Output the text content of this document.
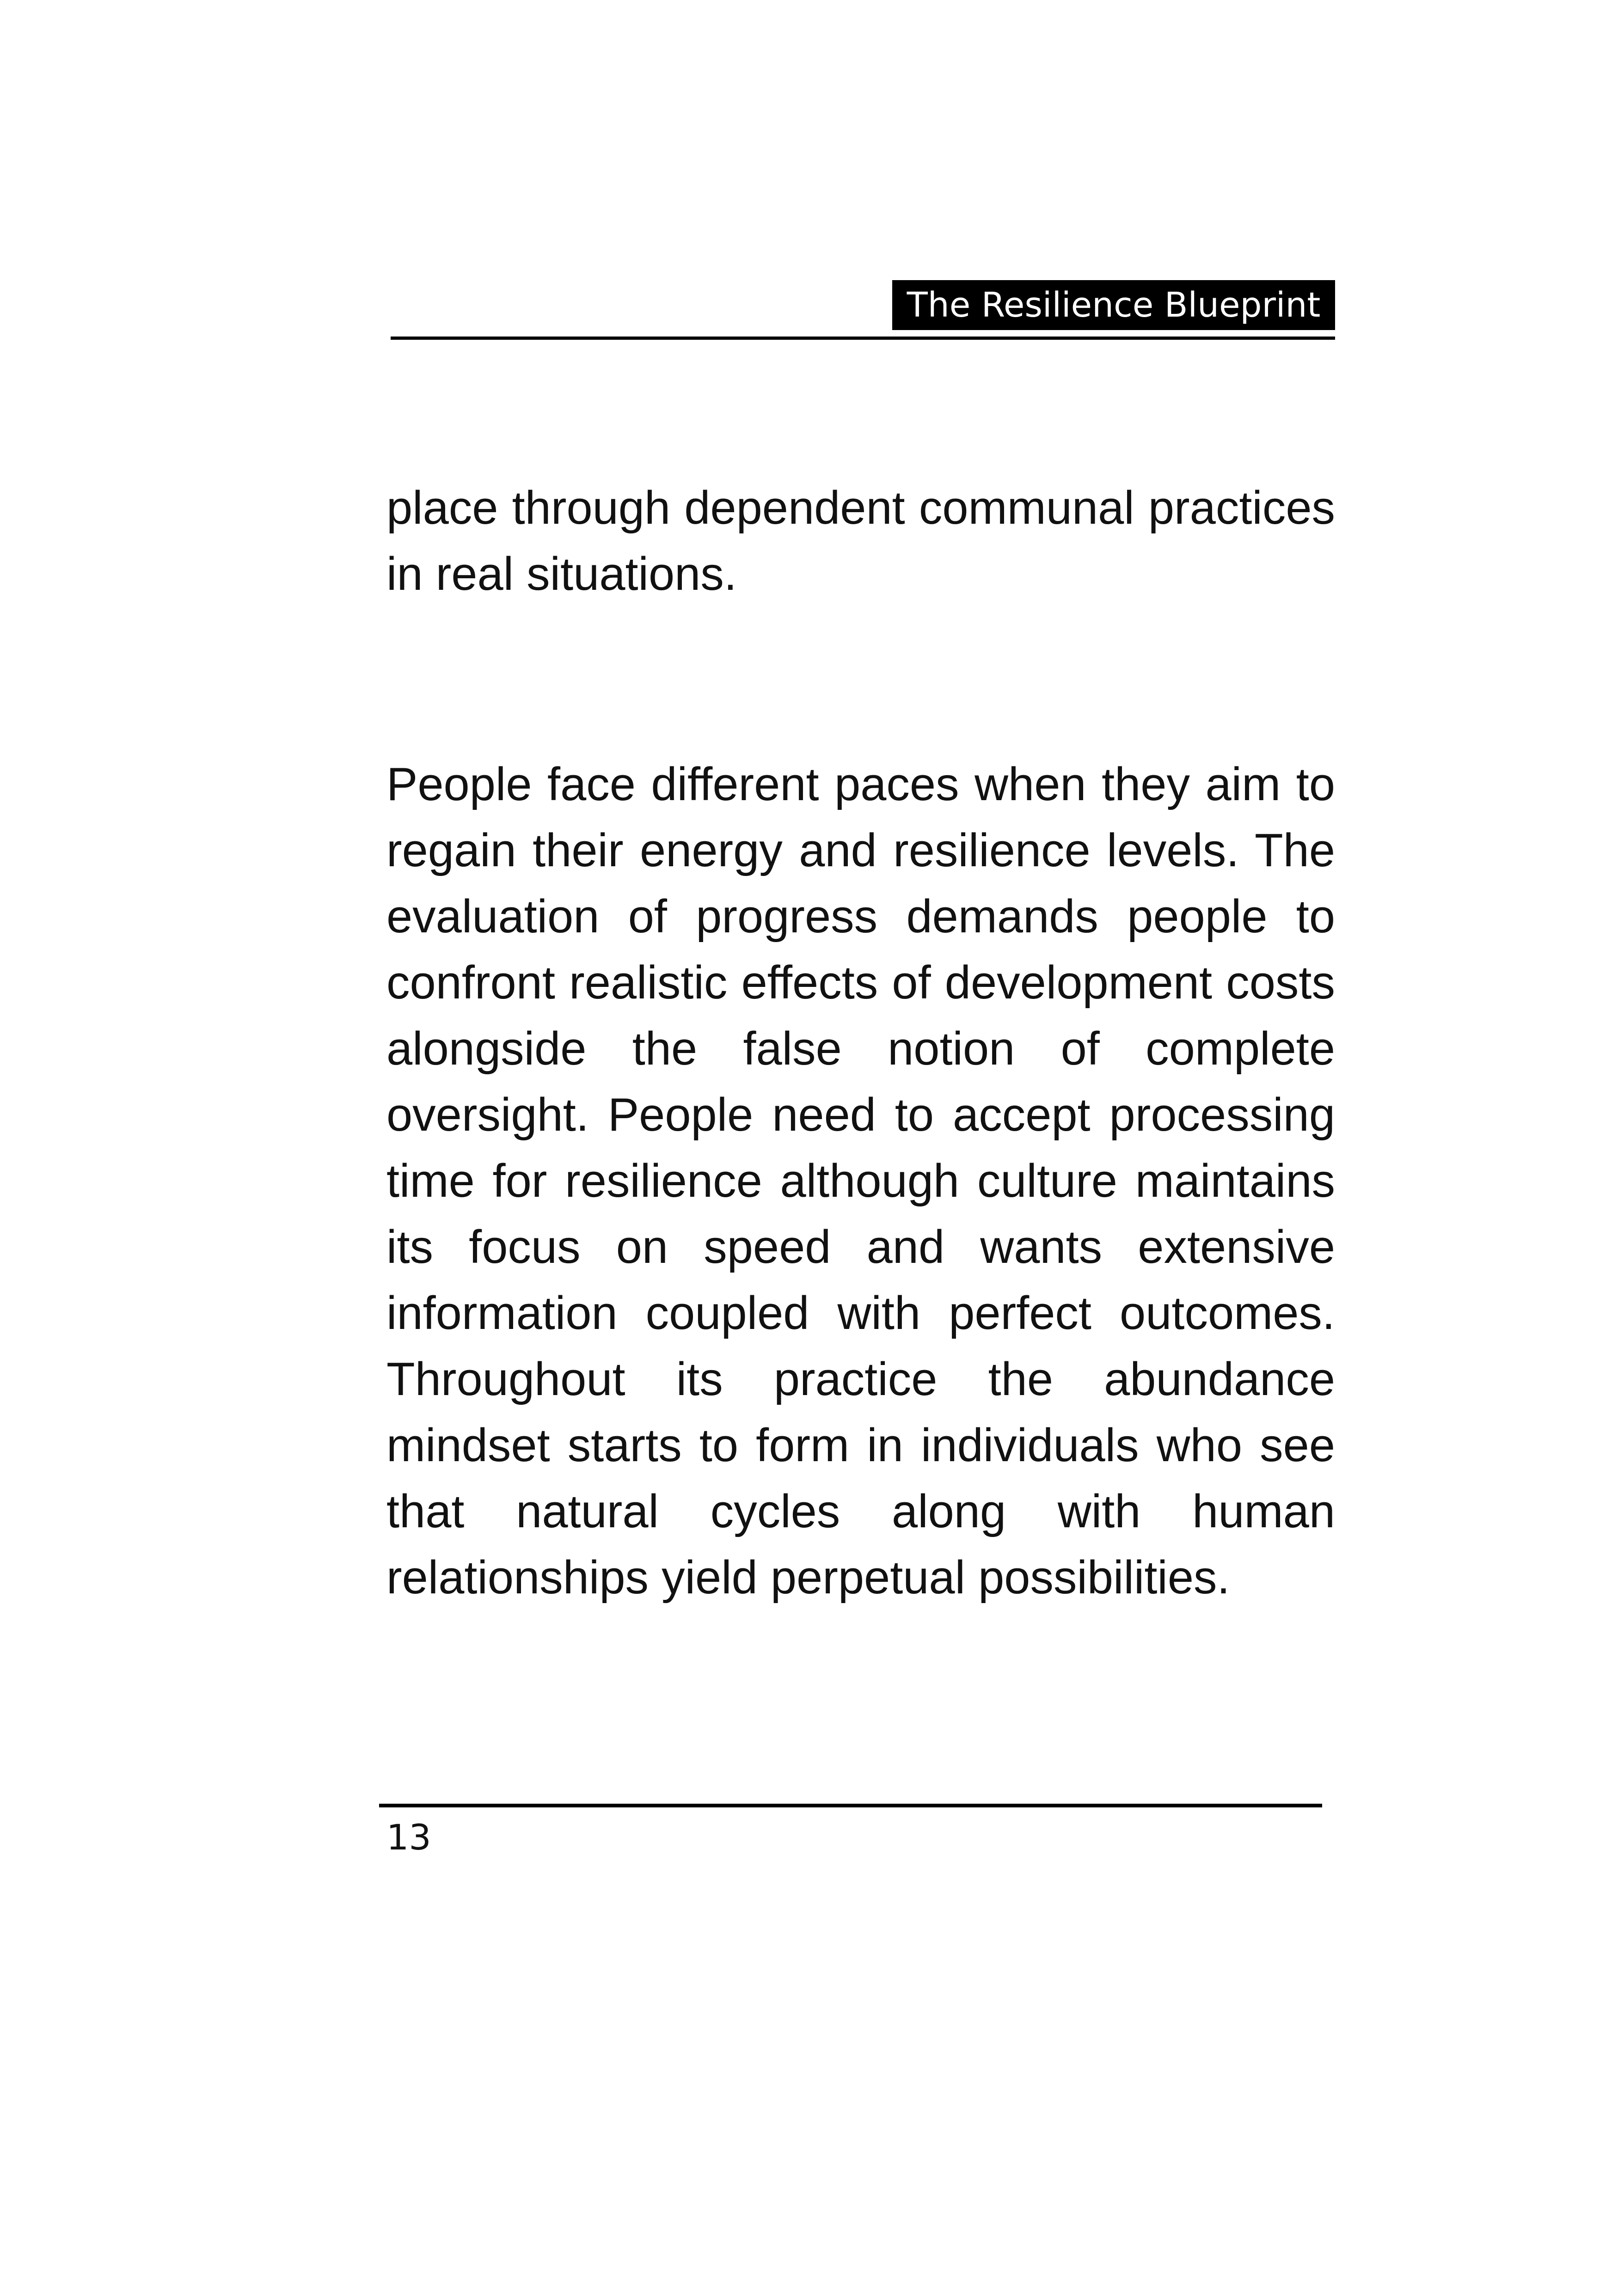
The Resilience Blueprint

place through dependent communal practices in real situations.

People face different paces when they aim to regain their energy and resilience levels. The evaluation of progress demands people to confront realistic effects of development costs alongside the false notion of complete oversight. People need to accept processing time for resilience although culture maintains its focus on speed and wants extensive information coupled with perfect outcomes. Throughout its practice the abundance mindset starts to form in individuals who see that natural cycles along with human relationships yield perpetual possibilities.

13
